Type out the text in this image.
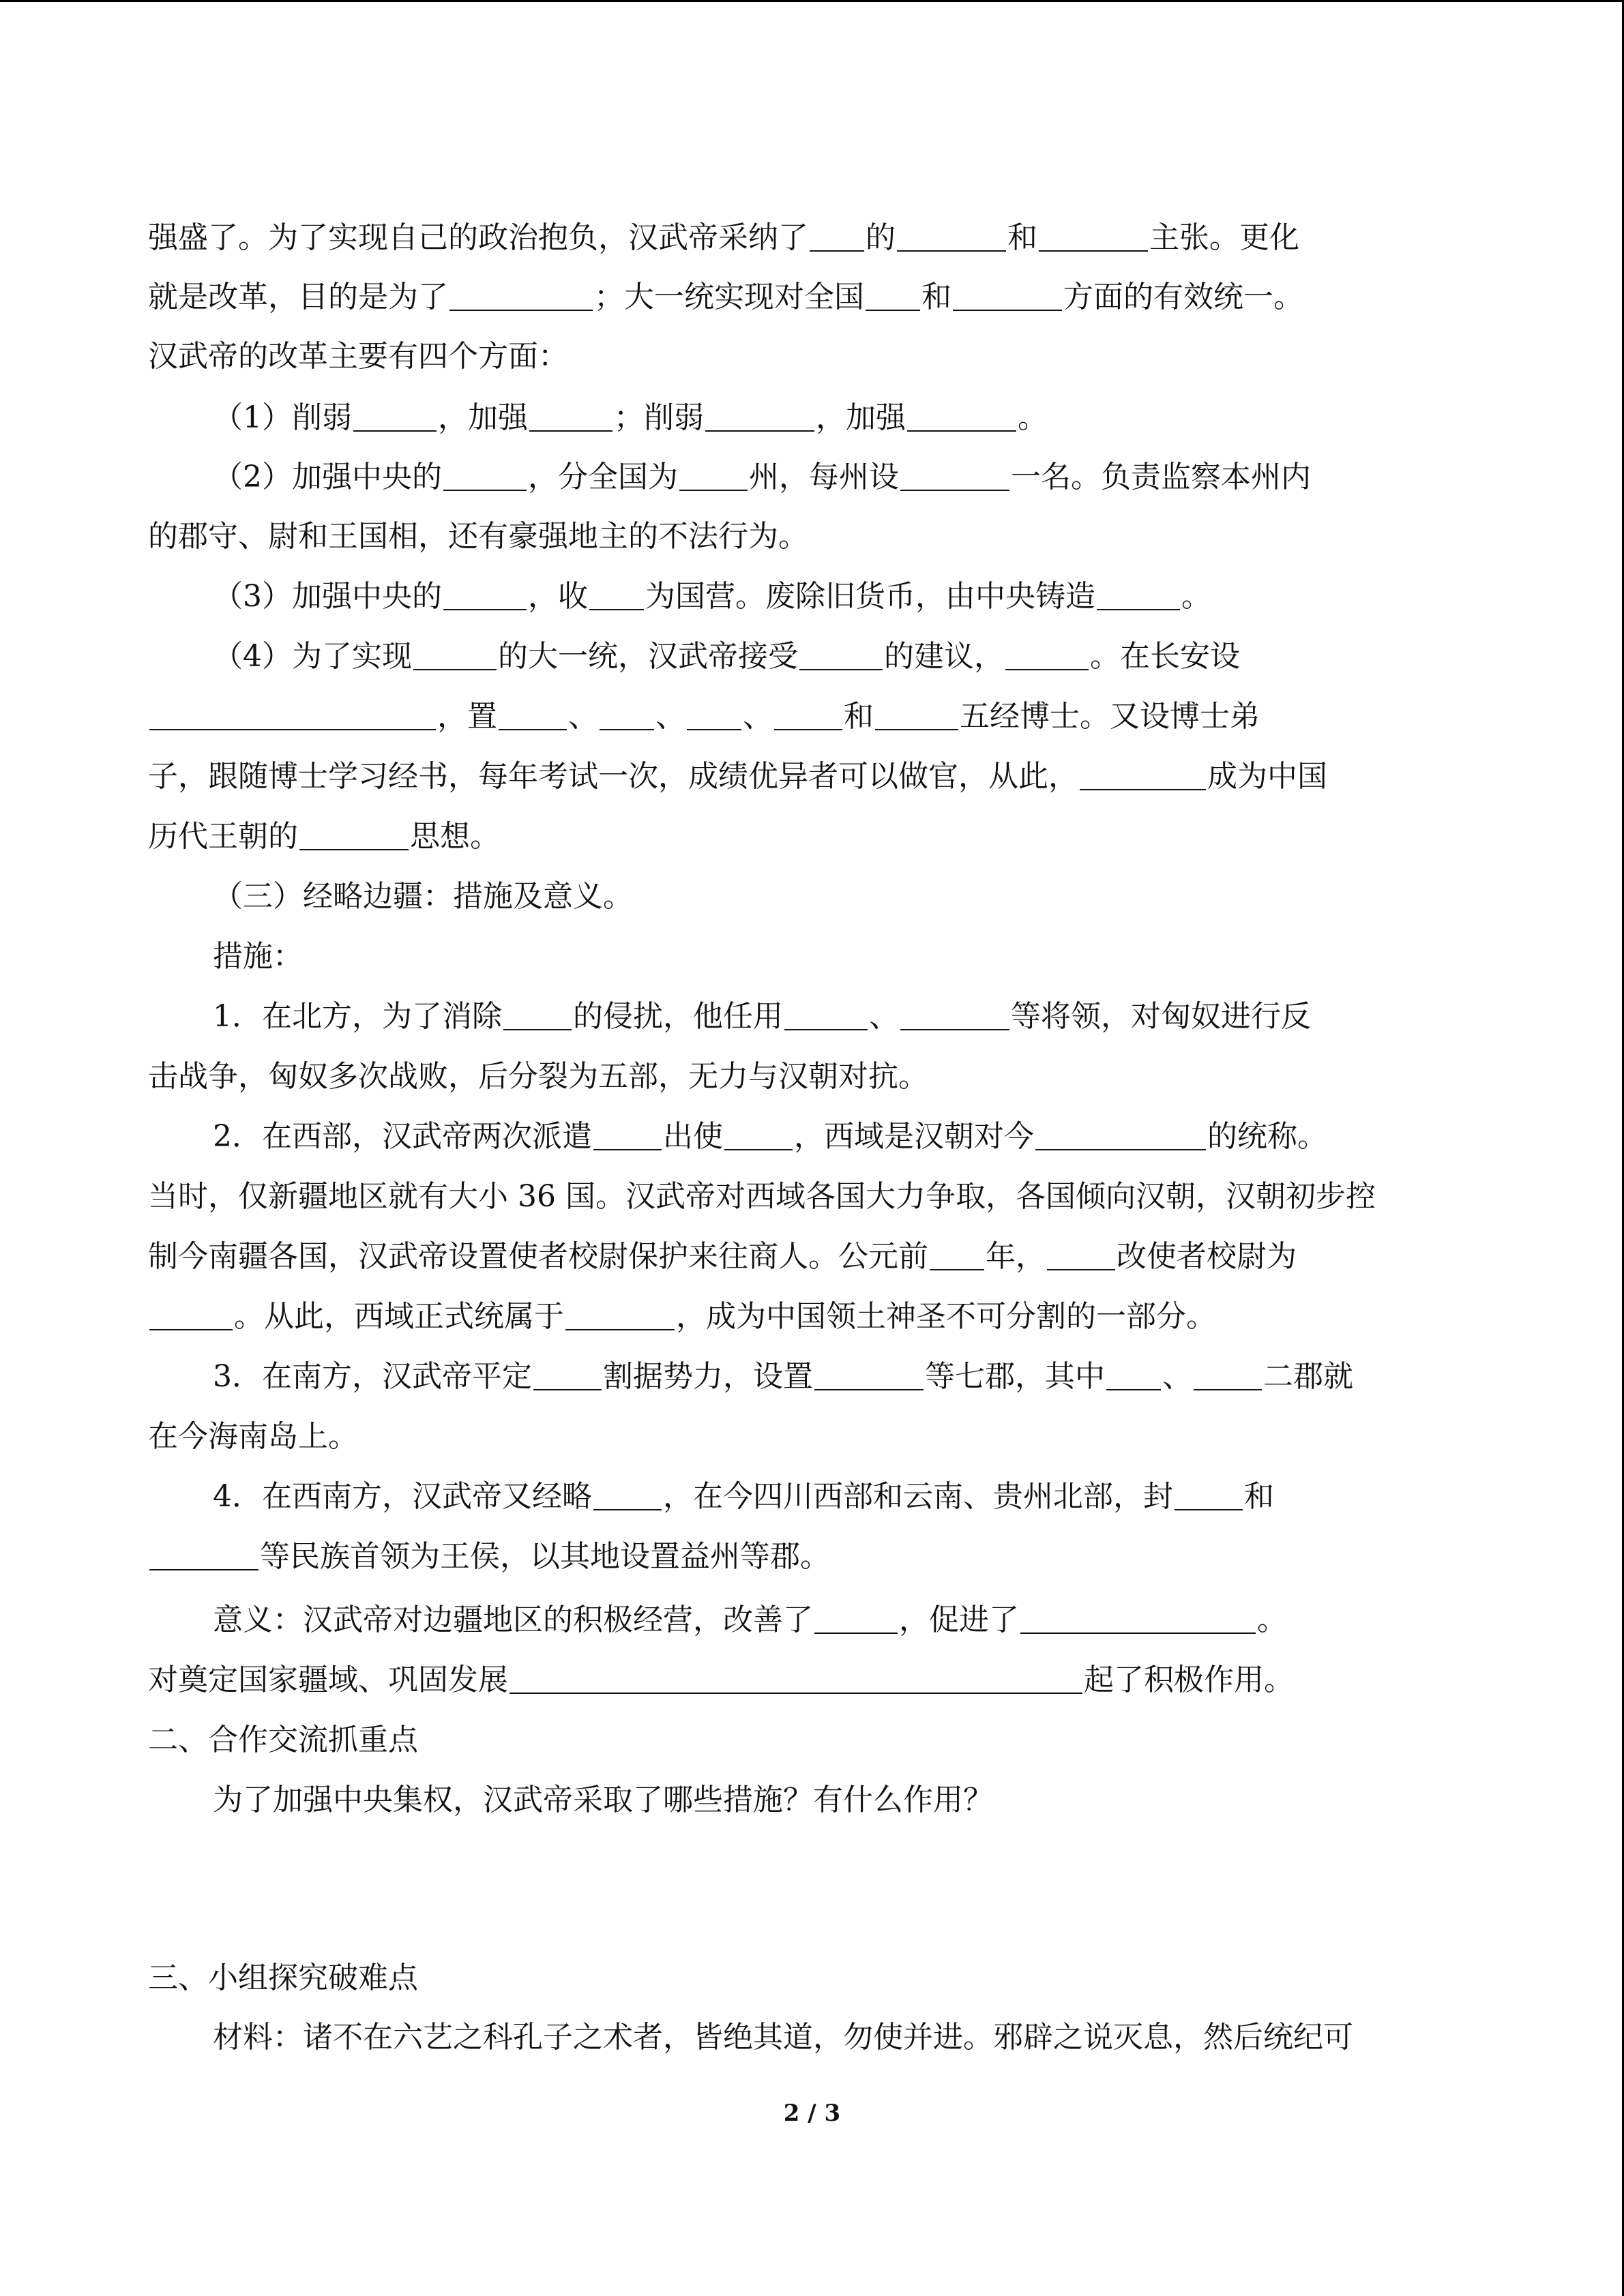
强盛了。为了实现自己的政治抱负，汉武帝采纳了 的	和	主张。更化
就是改革，目的是为了	；大一统实现对全国 和	方面的有效统一。
汉武帝的改革主要有四个方面：
（1）削弱	，加强	；削弱	，加强	。
（2）加强中央的	，分全国为 州，每州设	一名。负责监察本州内
的郡守、尉和王国相，还有豪强地主的不法行为。
（3）加强中央的	，收 为国营。废除旧货币，由中央铸造	。
（4）为了实现	的大一统，汉武帝接受	的建议，	。在长安设
，置 、 、 、 和	五经博士。又设博士弟
子，跟随博士学习经书，每年考试一次，成绩优异者可以做官，从此，	成为中国
历代王朝的	思想。
（三）经略边疆：措施及意义。
措施：
1．在北方，为了消除 的侵扰，他任用	、	等将领，对匈奴进行反
击战争，匈奴多次战败，后分裂为五部，无力与汉朝对抗。
2．在西部，汉武帝两次派遣 出使 ，西域是汉朝对今	的统称。
当时，仅新疆地区就有大小 36 国。汉武帝对西域各国大力争取，各国倾向汉朝，汉朝初步控
制今南疆各国，汉武帝设置使者校尉保护来往商人。公元前 年， 改使者校尉为
。从此，西域正式统属于	，成为中国领土神圣不可分割的一部分。
3．在南方，汉武帝平定 割据势力，设置	等七郡，其中 、 二郡就
在今海南岛上。
4．在西南方，汉武帝又经略 ，在今四川西部和云南、贵州北部，封 和
等民族首领为王侯，以其地设置益州等郡。
意义：汉武帝对边疆地区的积极经营，改善了	，促进了	。
对奠定国家疆域、巩固发展	起了积极作用。
二、合作交流抓重点
为了加强中央集权，汉武帝采取了哪些措施？有什么作用？
三、小组探究破难点
材料：诸不在六艺之科孔子之术者，皆绝其道，勿使并进。邪辟之说灭息，然后统纪可
2 / 3
